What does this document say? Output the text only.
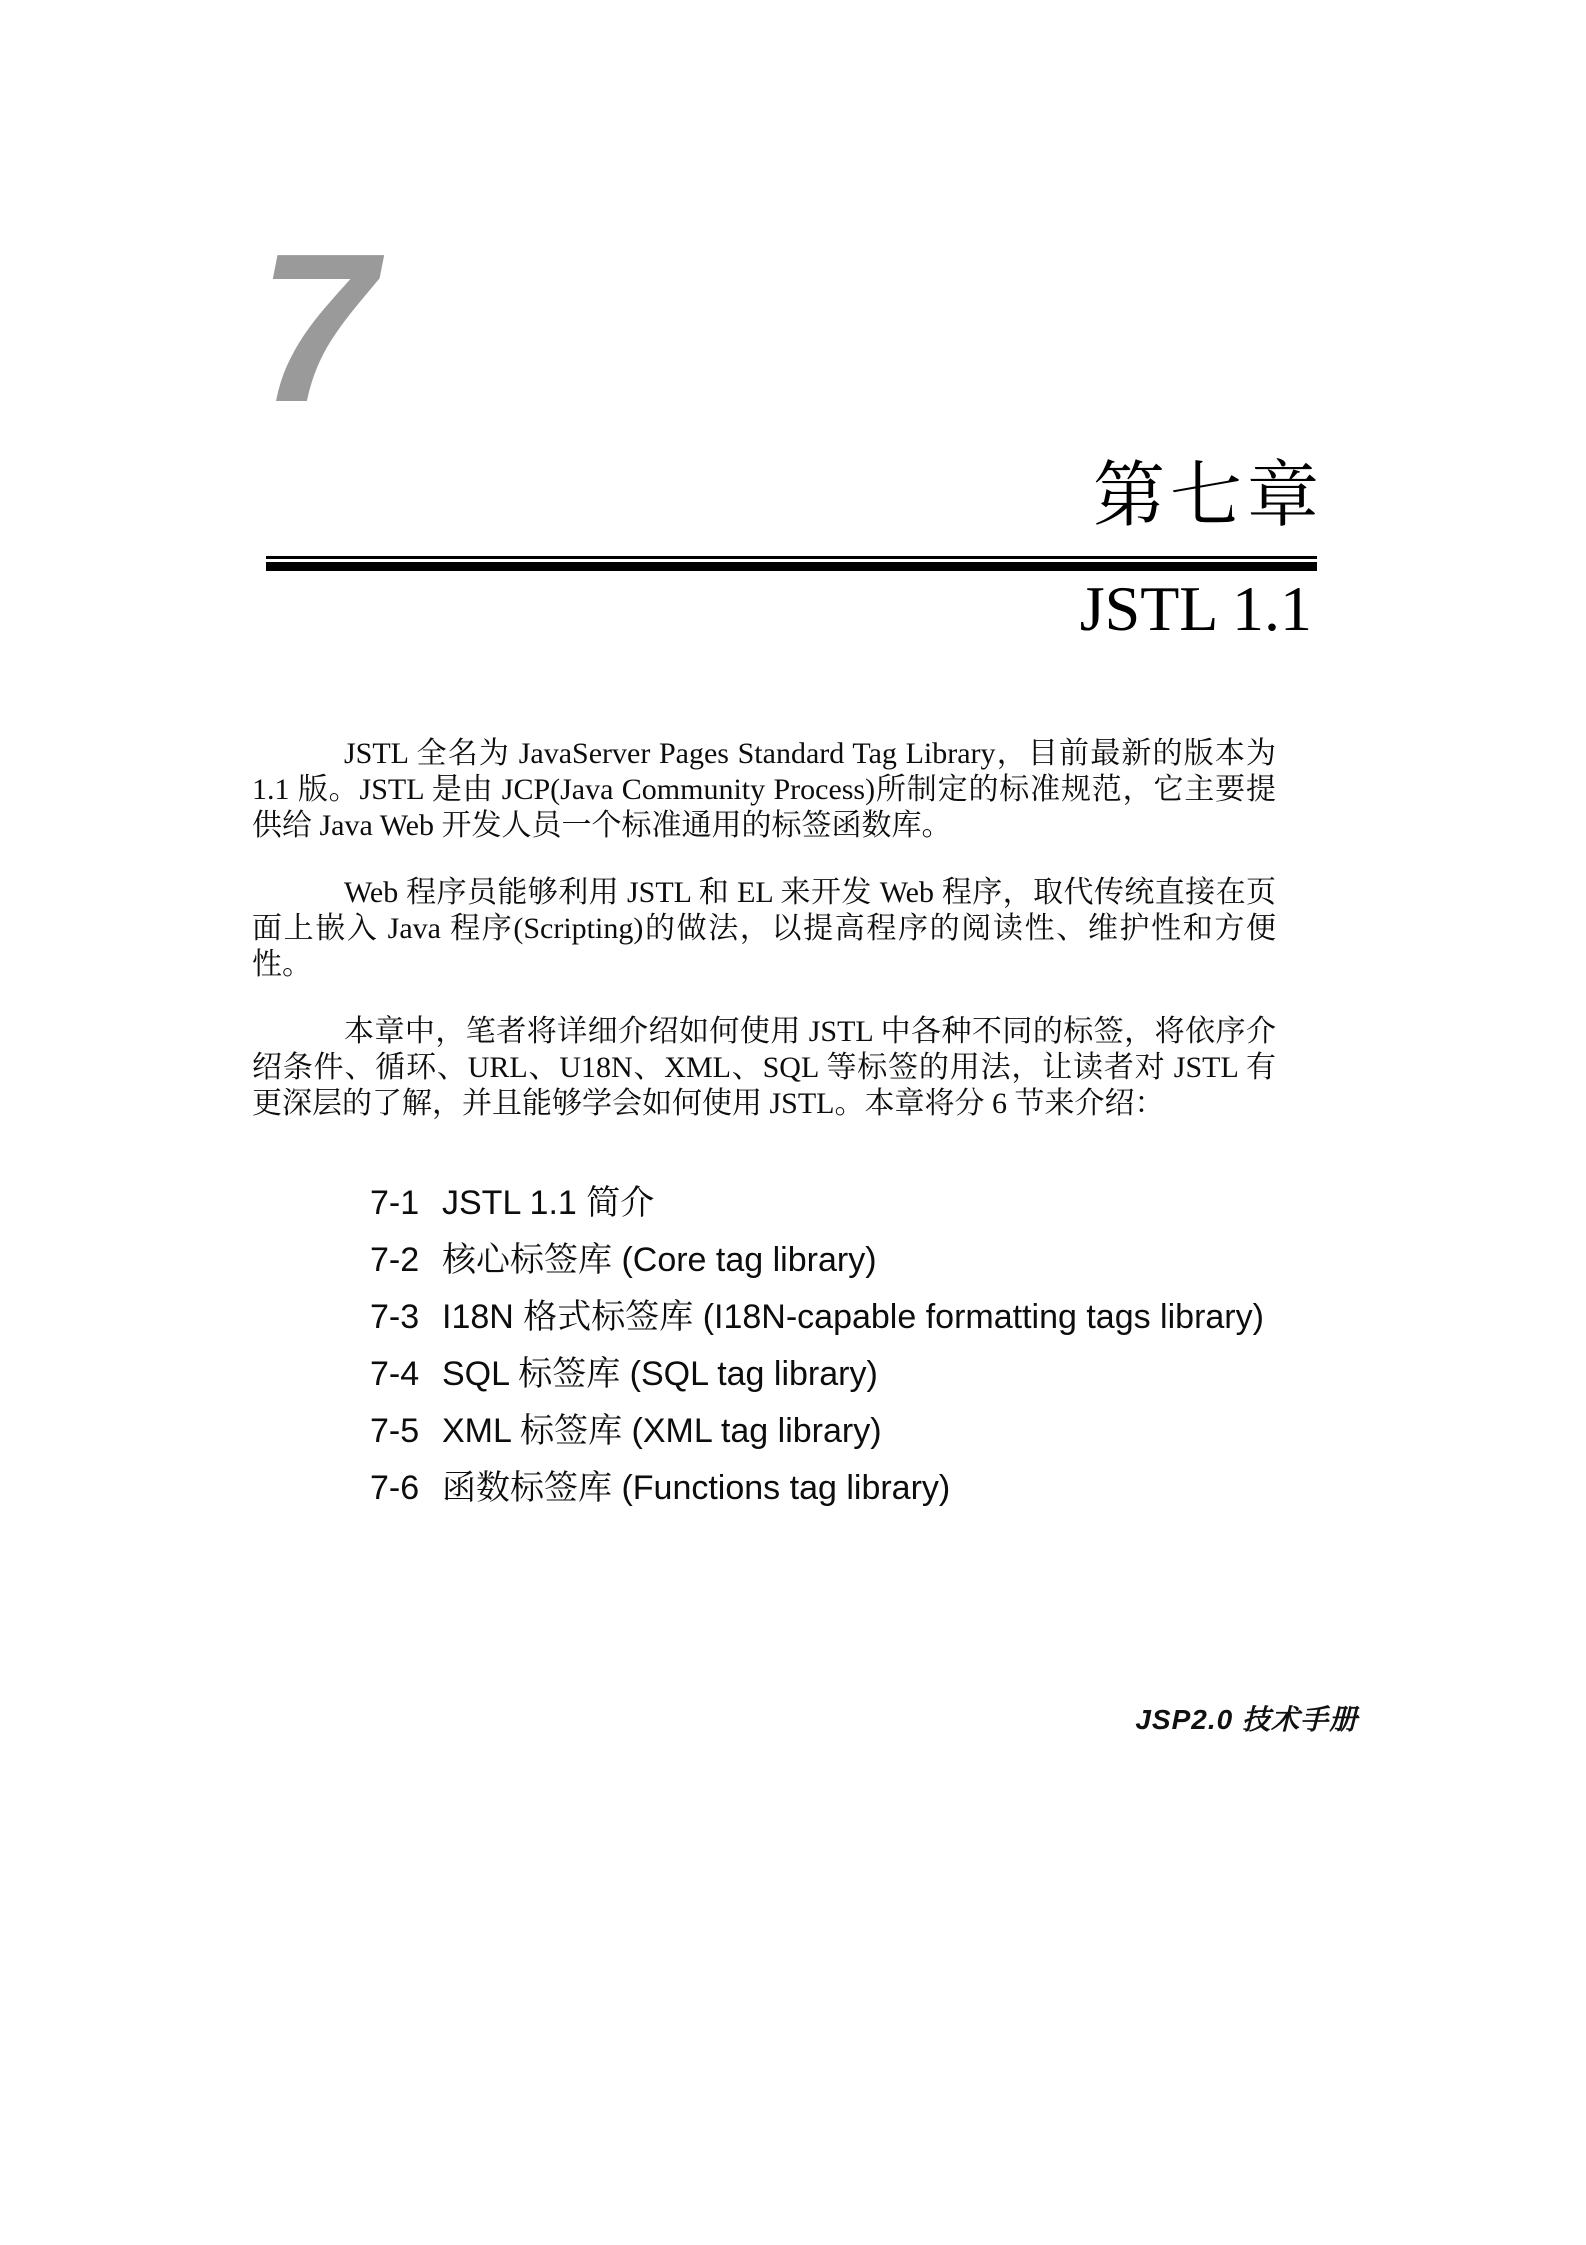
7
第七章
JSTL 1.1

JSTL 全名为 JavaServer Pages Standard Tag Library，目前最新的版本为 1.1 版。JSTL 是由 JCP(Java Community Process)所制定的标准规范，它主要提供给 Java Web 开发人员一个标准通用的标签函数库。

Web 程序员能够利用 JSTL 和 EL 来开发 Web 程序，取代传统直接在页面上嵌入 Java 程序(Scripting)的做法，以提高程序的阅读性、维护性和方便性。

本章中，笔者将详细介绍如何使用 JSTL 中各种不同的标签，将依序介绍条件、循环、URL、U18N、XML、SQL 等标签的用法，让读者对 JSTL 有更深层的了解，并且能够学会如何使用 JSTL。本章将分 6 节来介绍：

7-1 JSTL 1.1 简介
7-2 核心标签库 (Core tag library)
7-3 I18N 格式标签库 (I18N-capable formatting tags library)
7-4 SQL 标签库 (SQL tag library)
7-5 XML 标签库 (XML tag library)
7-6 函数标签库 (Functions tag library)
JSP2.0 技术手册
